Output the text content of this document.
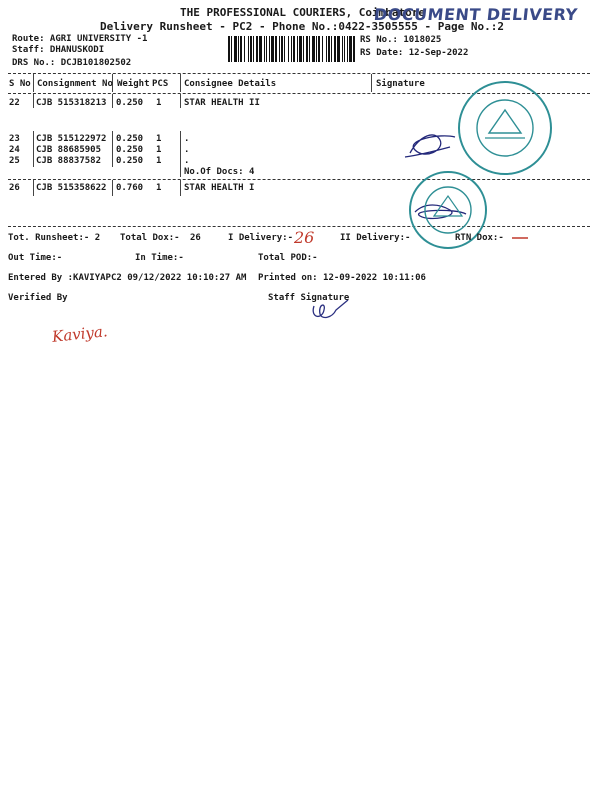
THE PROFESSIONAL COURIERS, Coimbatore
DOCUMENT DELIVERY
Delivery Runsheet - PC2 - Phone No.:0422-3505555 - Page No.:2
Route: AGRI UNIVERSITY -1
Staff: DHANUSKODI
DRS No.: DCJB101802502
RS No.: 1018025
RS Date: 12-Sep-2022
S No Consignment No Weight PCS Consignee Details	Signature
22 CJB 515318213 0.250 1	STAR HEALTH II
23 CJB 515122972 0.250 1	.
24 CJB 88685905 0.250 1	.
25 CJB 88837582 0.250 1	.
No.Of Docs: 4
26 CJB 515358622 0.760 1	STAR HEALTH I
Tot. Runsheet:- 2 Total Dox:- 26	I Delivery:- 26	II Delivery:-	RTN Dox:-
Out Time:-	In Time:-	Total POD:-
Entered By :KAVIYAPC2 09/12/2022 10:10:27 AM Printed on: 12-09-2022 10:11:06
Verified By	Staff Signature
Kaviya.
